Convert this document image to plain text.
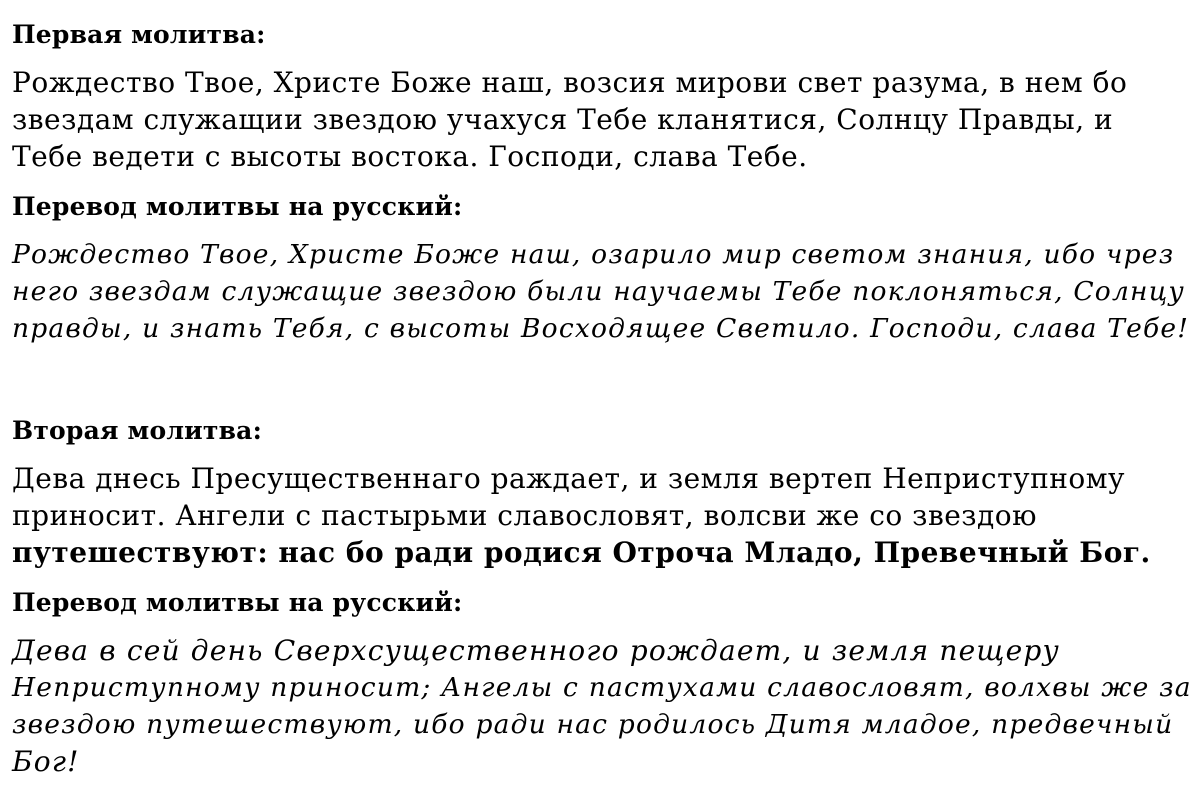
Первая молитва:
Рождество Твое, Христе Боже наш, возсия мирови свет разума, в нем бо
звездам служащии звездою учахуся Тебе кланятися, Солнцу Правды, и
Тебе ведети с высоты востока. Господи, слава Тебе.
Перевод молитвы на русский:
Рождество Твое, Христе Боже наш, озарило мир светом знания, ибо чрез
него звездам служащие звездою были научаемы Тебе поклоняться, Солнцу
правды, и знать Тебя, с высоты Восходящее Светило. Господи, слава Тебе!
Вторая молитва:
Дева днесь Пресущественнаго раждает, и земля вертеп Неприступному
приносит. Ангели с пастырьми славословят, волсви же со звездою
путешествуют: нас бо ради родися Отроча Младо, Превечный Бог.
Перевод молитвы на русский:
Дева в сей день Сверхсущественного рождает, и земля пещеру
Неприступному приносит; Ангелы с пастухами славословят, волхвы же за
звездою путешествуют, ибо ради нас родилось Дитя младое, предвечный
Бог!
